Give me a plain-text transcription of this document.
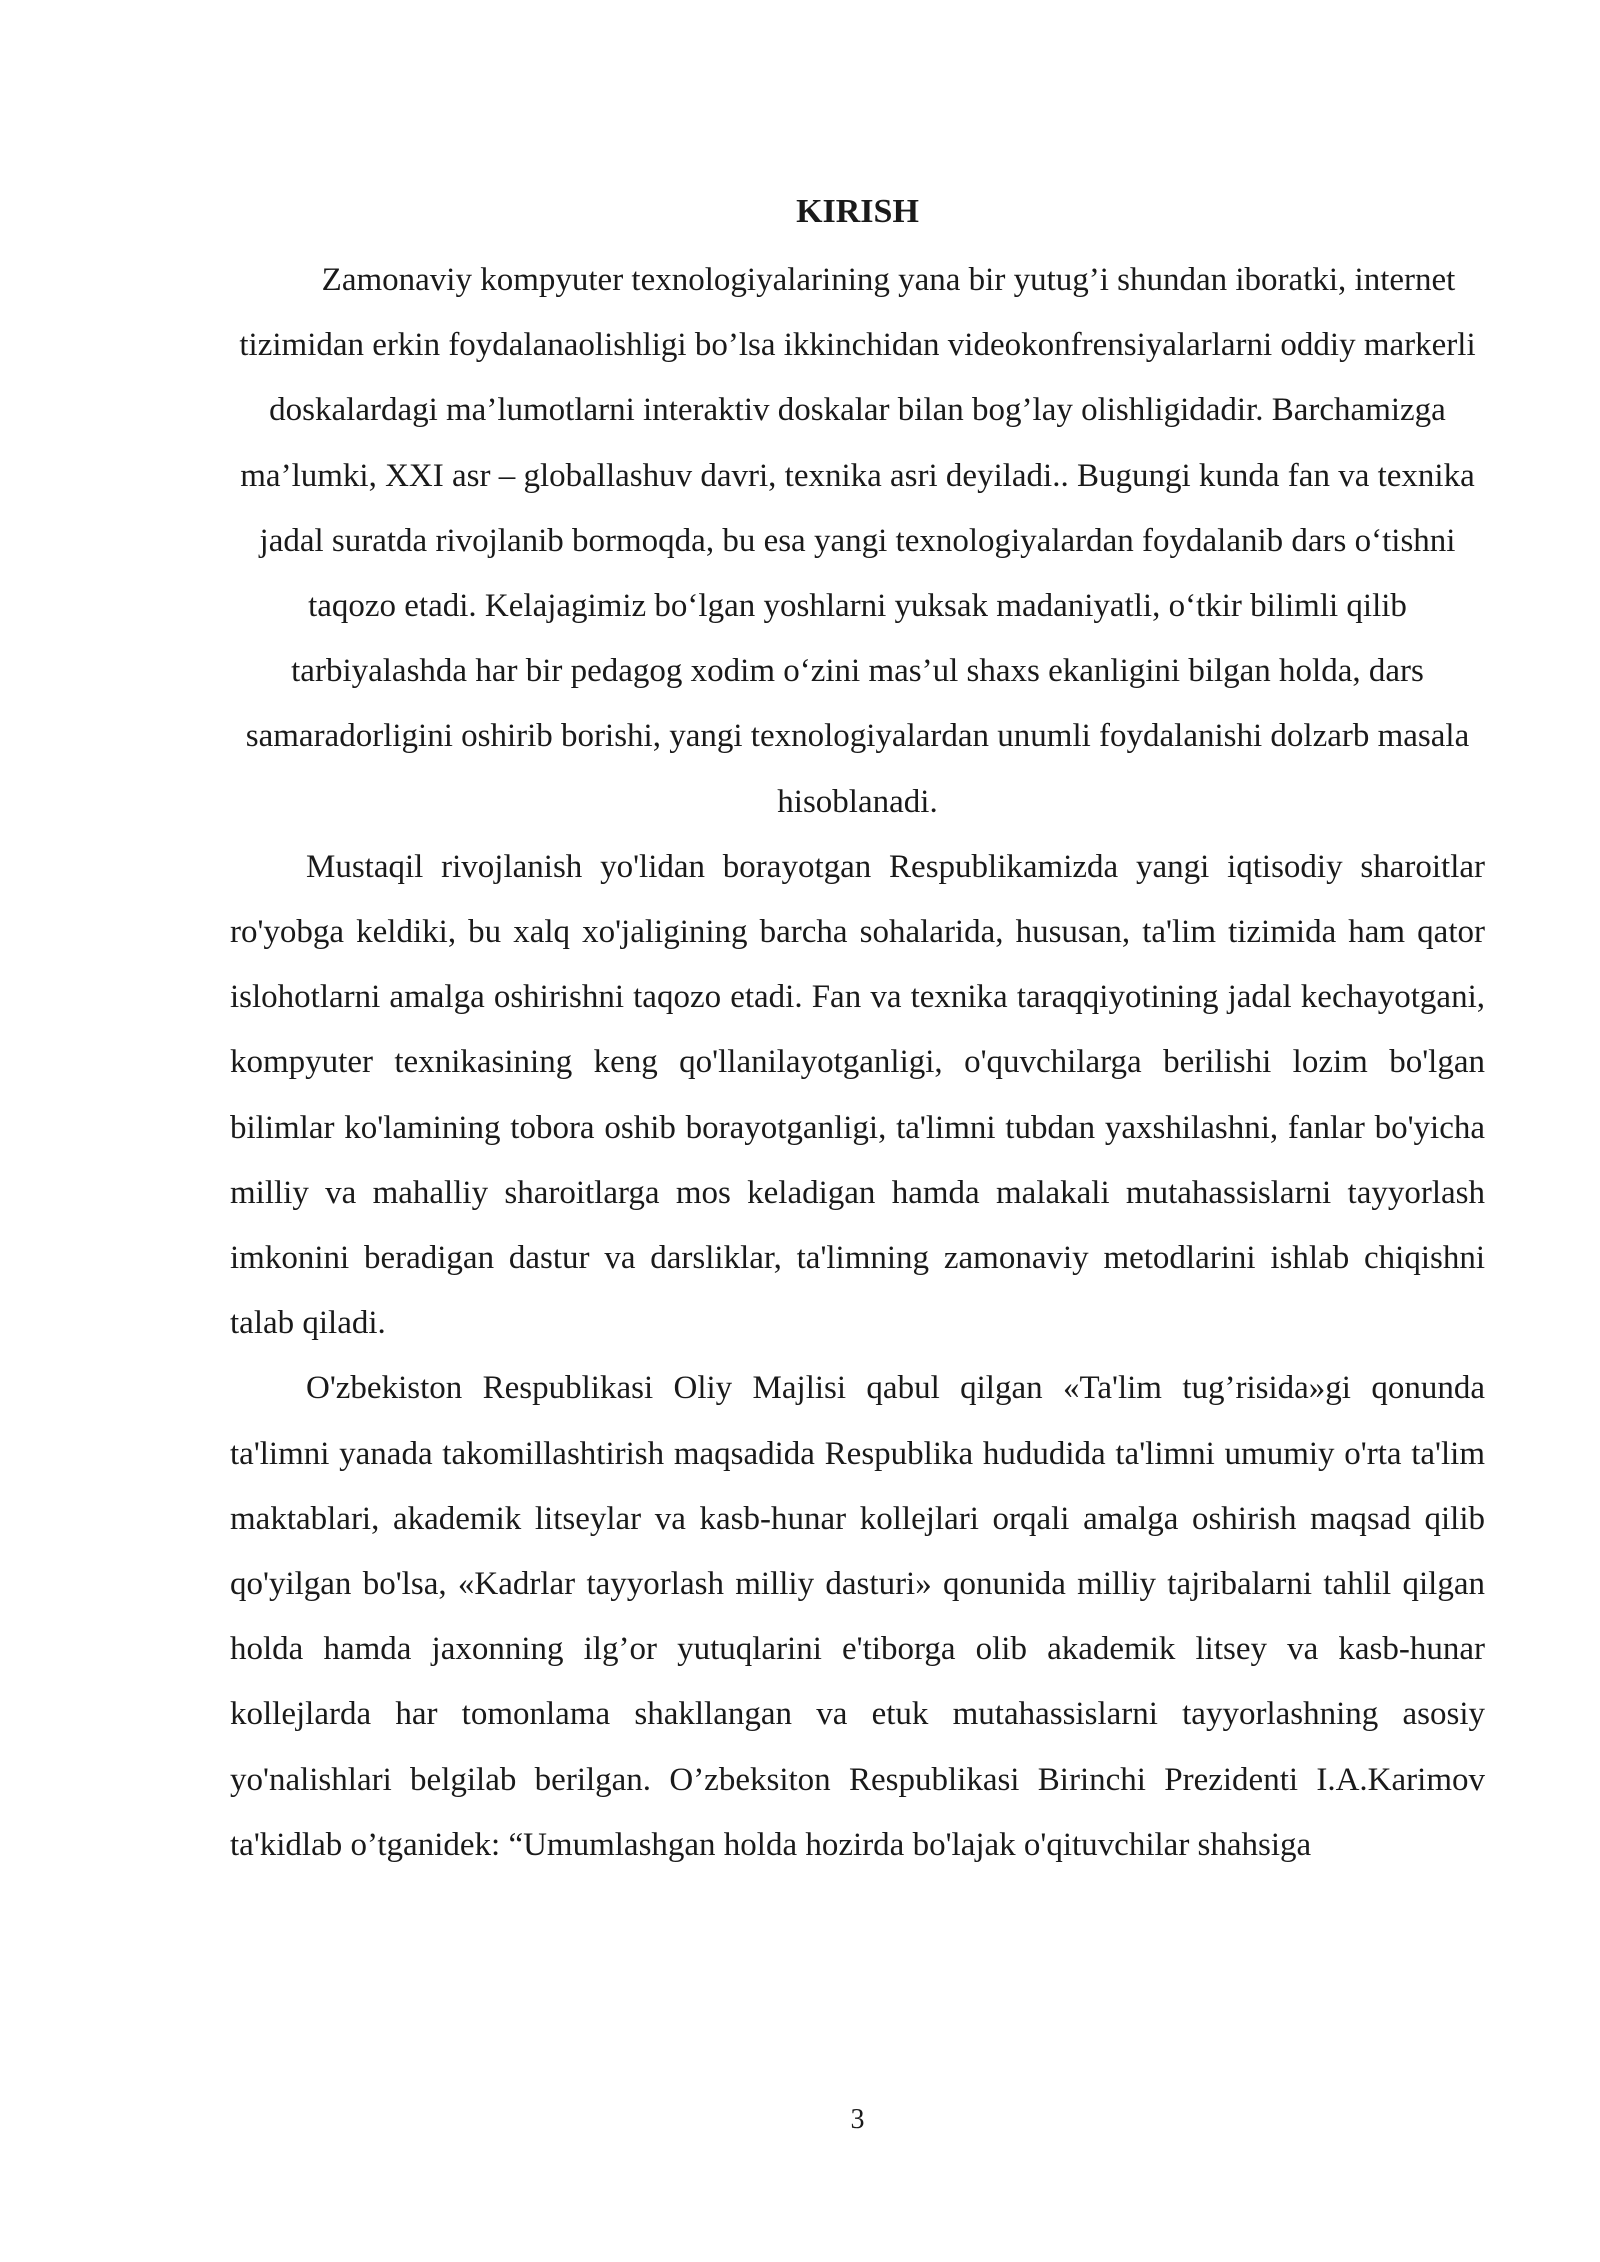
KIRISH

Zamonaviy kompyuter texnologiyalarining yana bir yutug’i shundan iboratki, internet tizimidan erkin foydalanaolishligi bo’lsa ikkinchidan videokonfrensiyalarlarni oddiy markerli doskalardagi ma’lumotlarni interaktiv doskalar bilan bog’lay olishligidadir. Barchamizga ma’lumki, XXI asr – globallashuv davri, texnika asri deyiladi.. Bugungi kunda fan va texnika jadal suratda rivojlanib bormoqda, bu esa yangi texnologiyalardan foydalanib dars o‘tishni taqozo etadi. Kelajagimiz bo‘lgan yoshlarni yuksak madaniyatli, o‘tkir bilimli qilib tarbiyalashda har bir pedagog xodim o‘zini mas’ul shaxs ekanligini bilgan holda, dars samaradorligini oshirib borishi, yangi texnologiyalardan unumli foydalanishi dolzarb masala hisoblanadi.

Mustaqil rivojlanish yo'lidan borayotgan Respublikamizda yangi iqtisodiy sharoitlar ro'yobga keldiki, bu xalq xo'jaligining barcha sohalarida, hususan, ta'lim tizimida ham qator islohotlarni amalga oshirishni taqozo etadi. Fan va texnika taraqqiyotining jadal kechayotgani, kompyuter texnikasining keng qo'llanilayotganligi, o'quvchilarga berilishi lozim bo'lgan bilimlar ko'lamining tobora oshib borayotganligi, ta'limni tubdan yaxshilashni, fanlar bo'yicha milliy va mahalliy sharoitlarga mos keladigan hamda malakali mutahassislarni tayyorlash imkonini beradigan dastur va darsliklar, ta'limning zamonaviy metodlarini ishlab chiqishni talab qiladi.

O'zbekiston Respublikasi Oliy Majlisi qabul qilgan «Ta'lim tug’risida»gi qonunda ta'limni yanada takomillashtirish maqsadida Respublika hududida ta'limni umumiy o'rta ta'lim maktablari, akademik litseylar va kasb-hunar kollejlari orqali amalga oshirish maqsad qilib qo'yilgan bo'lsa, «Kadrlar tayyorlash milliy dasturi» qonunida milliy tajribalarni tahlil qilgan holda hamda jaxonning ilg’or yutuqlarini e'tiborga olib akademik litsey va kasb-hunar kollejlarda har tomonlama shakllangan va etuk mutahassislarni tayyorlashning asosiy yo'nalishlari belgilab berilgan. O’zbeksiton Respublikasi Birinchi Prezidenti I.A.Karimov ta'kidlab o’tganidek: “Umumlashgan holda hozirda bo'lajak o'qituvchilar shahsiga

3
